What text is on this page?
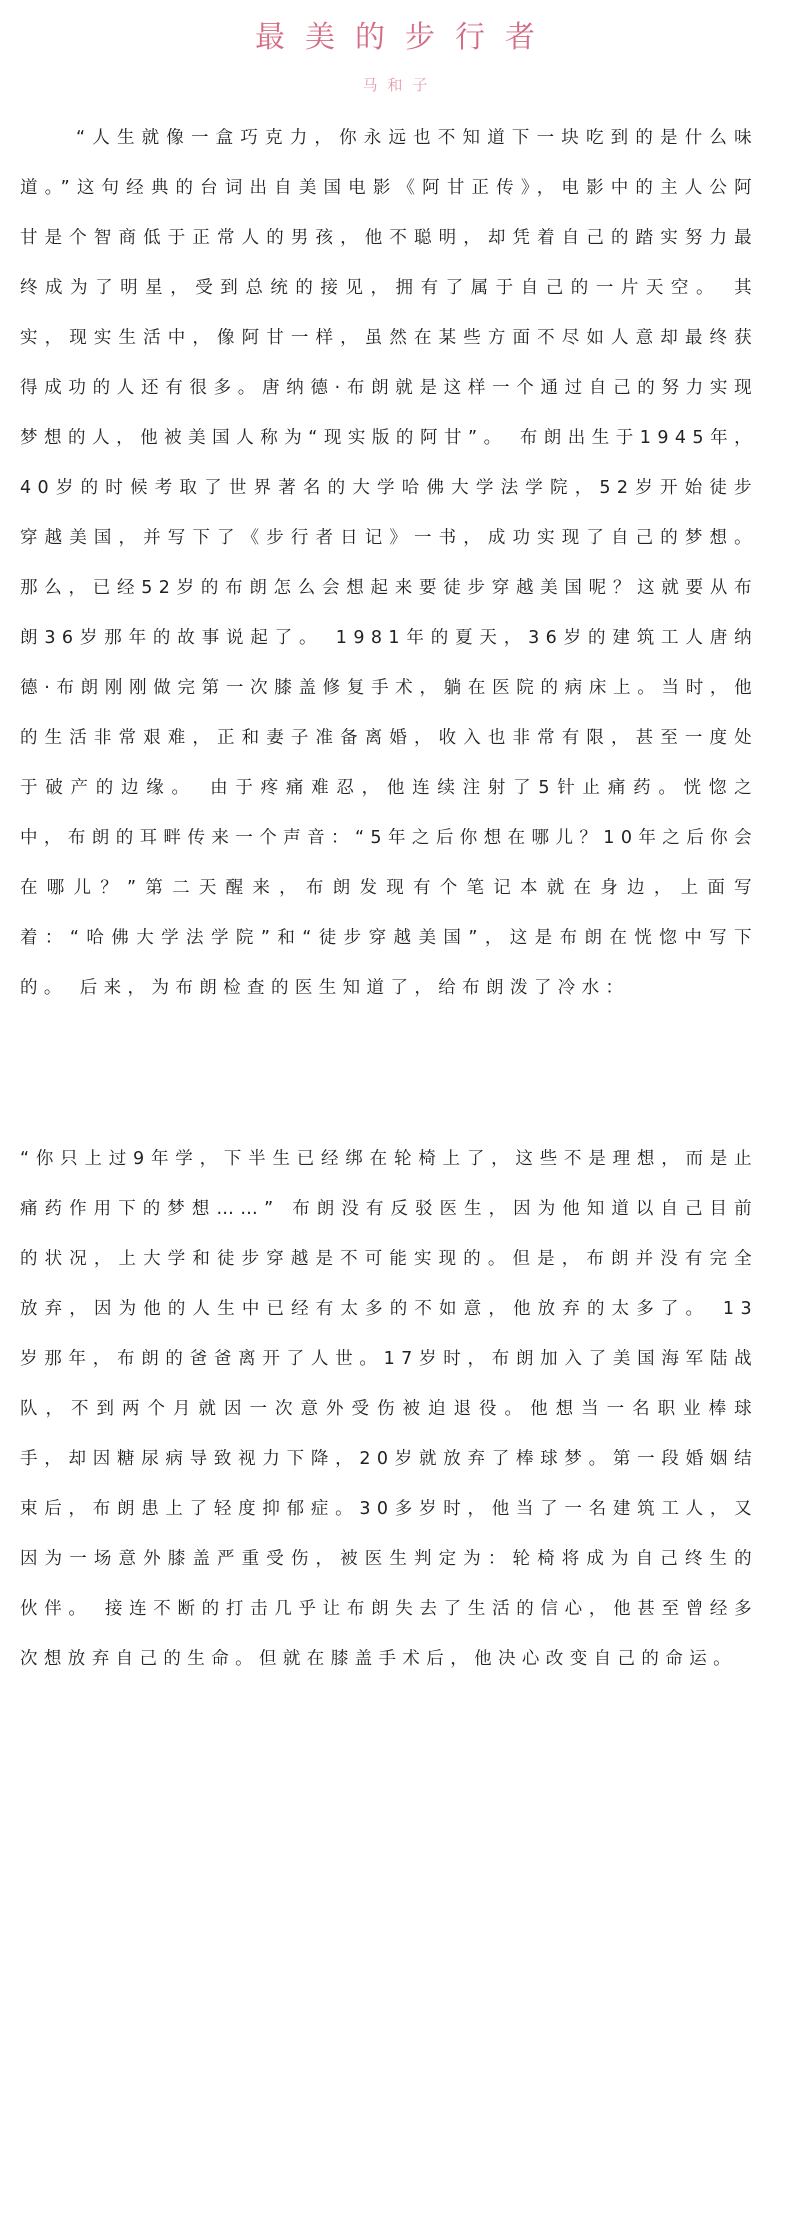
最美的步行者
马和子

“人生就像一盒巧克力，你永远也不知道下一块吃到的是什么味道。”这句经典的台词出自美国电影《阿甘正传》，电影中的主人公阿甘是个智商低于正常人的男孩，他不聪明，却凭着自己的踏实努力最终成为了明星，受到总统的接见，拥有了属于自己的一片天空。 其实，现实生活中，像阿甘一样，虽然在某些方面不尽如人意却最终获得成功的人还有很多。唐纳德·布朗就是这样一个通过自己的努力实现梦想的人，他被美国人称为“现实版的阿甘”。 布朗出生于1945年，40岁的时候考取了世界著名的大学哈佛大学法学院，52岁开始徒步穿越美国，并写下了《步行者日记》一书，成功实现了自己的梦想。 那么，已经52岁的布朗怎么会想起来要徒步穿越美国呢？这就要从布朗36岁那年的故事说起了。 1981年的夏天，36岁的建筑工人唐纳德·布朗刚刚做完第一次膝盖修复手术，躺在医院的病床上。当时，他的生活非常艰难，正和妻子准备离婚，收入也非常有限，甚至一度处于破产的边缘。 由于疼痛难忍，他连续注射了5针止痛药。恍惚之中，布朗的耳畔传来一个声音：“5年之后你想在哪儿？10年之后你会在哪儿？”第二天醒来，布朗发现有个笔记本就在身边，上面写着：“哈佛大学法学院”和“徒步穿越美国”，这是布朗在恍惚中写下的。 后来，为布朗检查的医生知道了，给布朗泼了冷水：

“你只上过9年学，下半生已经绑在轮椅上了，这些不是理想，而是止痛药作用下的梦想……” 布朗没有反驳医生，因为他知道以自己目前的状况，上大学和徒步穿越是不可能实现的。但是，布朗并没有完全放弃，因为他的人生中已经有太多的不如意，他放弃的太多了。 13岁那年，布朗的爸爸离开了人世。17岁时，布朗加入了美国海军陆战队，不到两个月就因一次意外受伤被迫退役。他想当一名职业棒球手，却因糖尿病导致视力下降，20岁就放弃了棒球梦。第一段婚姻结束后，布朗患上了轻度抑郁症。30多岁时，他当了一名建筑工人，又因为一场意外膝盖严重受伤，被医生判定为：轮椅将成为自己终生的伙伴。 接连不断的打击几乎让布朗失去了生活的信心，他甚至曾经多次想放弃自己的生命。但就在膝盖手术后，他决心改变自己的命运。
